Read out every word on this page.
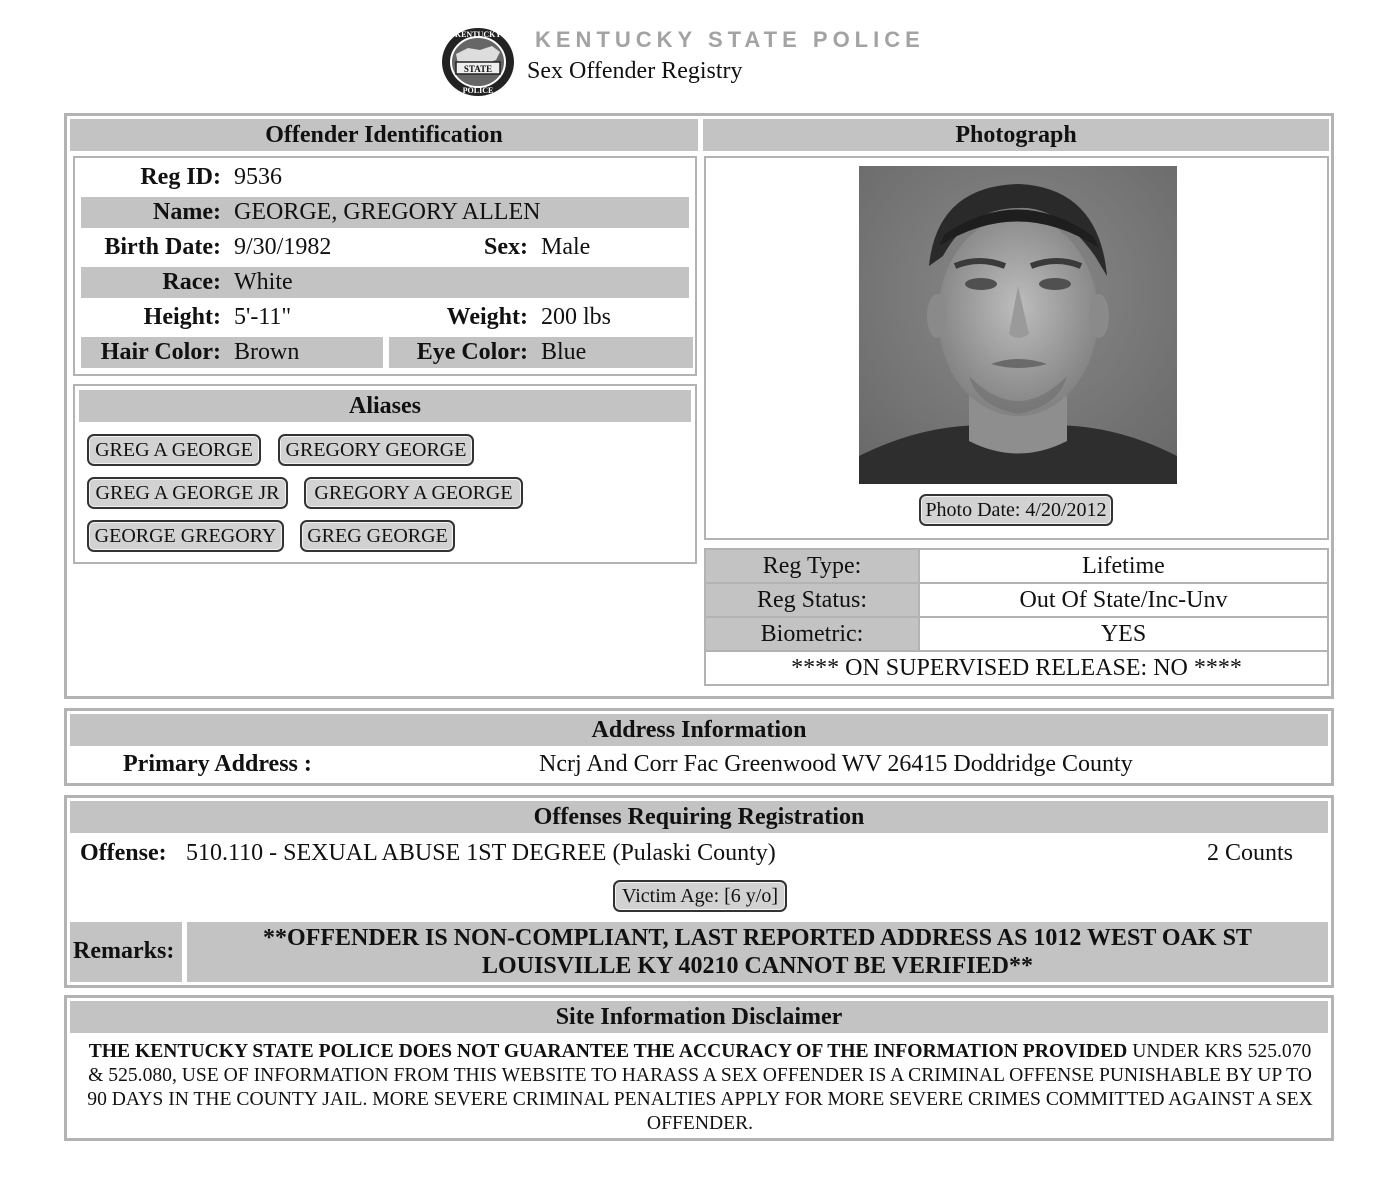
STATE
KENTUCKY
POLICE
KENTUCKY STATE POLICE
Sex Offender Registry
Offender Identification	Photograph
Reg ID: 9536
Name: GEORGE, GREGORY ALLEN
Birth Date: 9/30/1982	Sex: Male
Race: White
Height: 5'-11"	Weight: 200 lbs
Hair Color: Brown	Eye Color: Blue
Aliases
GREG A GEORGE	GREGORY GEORGE
GREG A GEORGE JR	GREGORY A GEORGE
GEORGE GREGORY	GREG GEORGE
Photo Date: 4/20/2012
Reg Type:	Lifetime
Reg Status:	Out Of State/Inc-Unv
Biometric:	YES
**** ON SUPERVISED RELEASE: NO ****	
Address Information
Primary Address :	Ncrj And Corr Fac Greenwood WV 26415 Doddridge County
Offenses Requiring Registration
Offense: 510.110 - SEXUAL ABUSE 1ST DEGREE (Pulaski County)	2 Counts
Victim Age: [6 y/o]
Remarks:	**OFFENDER IS NON-COMPLIANT, LAST REPORTED ADDRESS AS 1012 WEST OAK ST
LOUISVILLE KY 40210 CANNOT BE VERIFIED**
Site Information Disclaimer
THE KENTUCKY STATE POLICE DOES NOT GUARANTEE THE ACCURACY OF THE INFORMATION PROVIDED UNDER KRS 525.070 & 525.080, USE OF INFORMATION FROM THIS WEBSITE TO HARASS A SEX OFFENDER IS A CRIMINAL OFFENSE PUNISHABLE BY UP TO 90 DAYS IN THE COUNTY JAIL. MORE SEVERE CRIMINAL PENALTIES APPLY FOR MORE SEVERE CRIMES COMMITTED AGAINST A SEX OFFENDER.
